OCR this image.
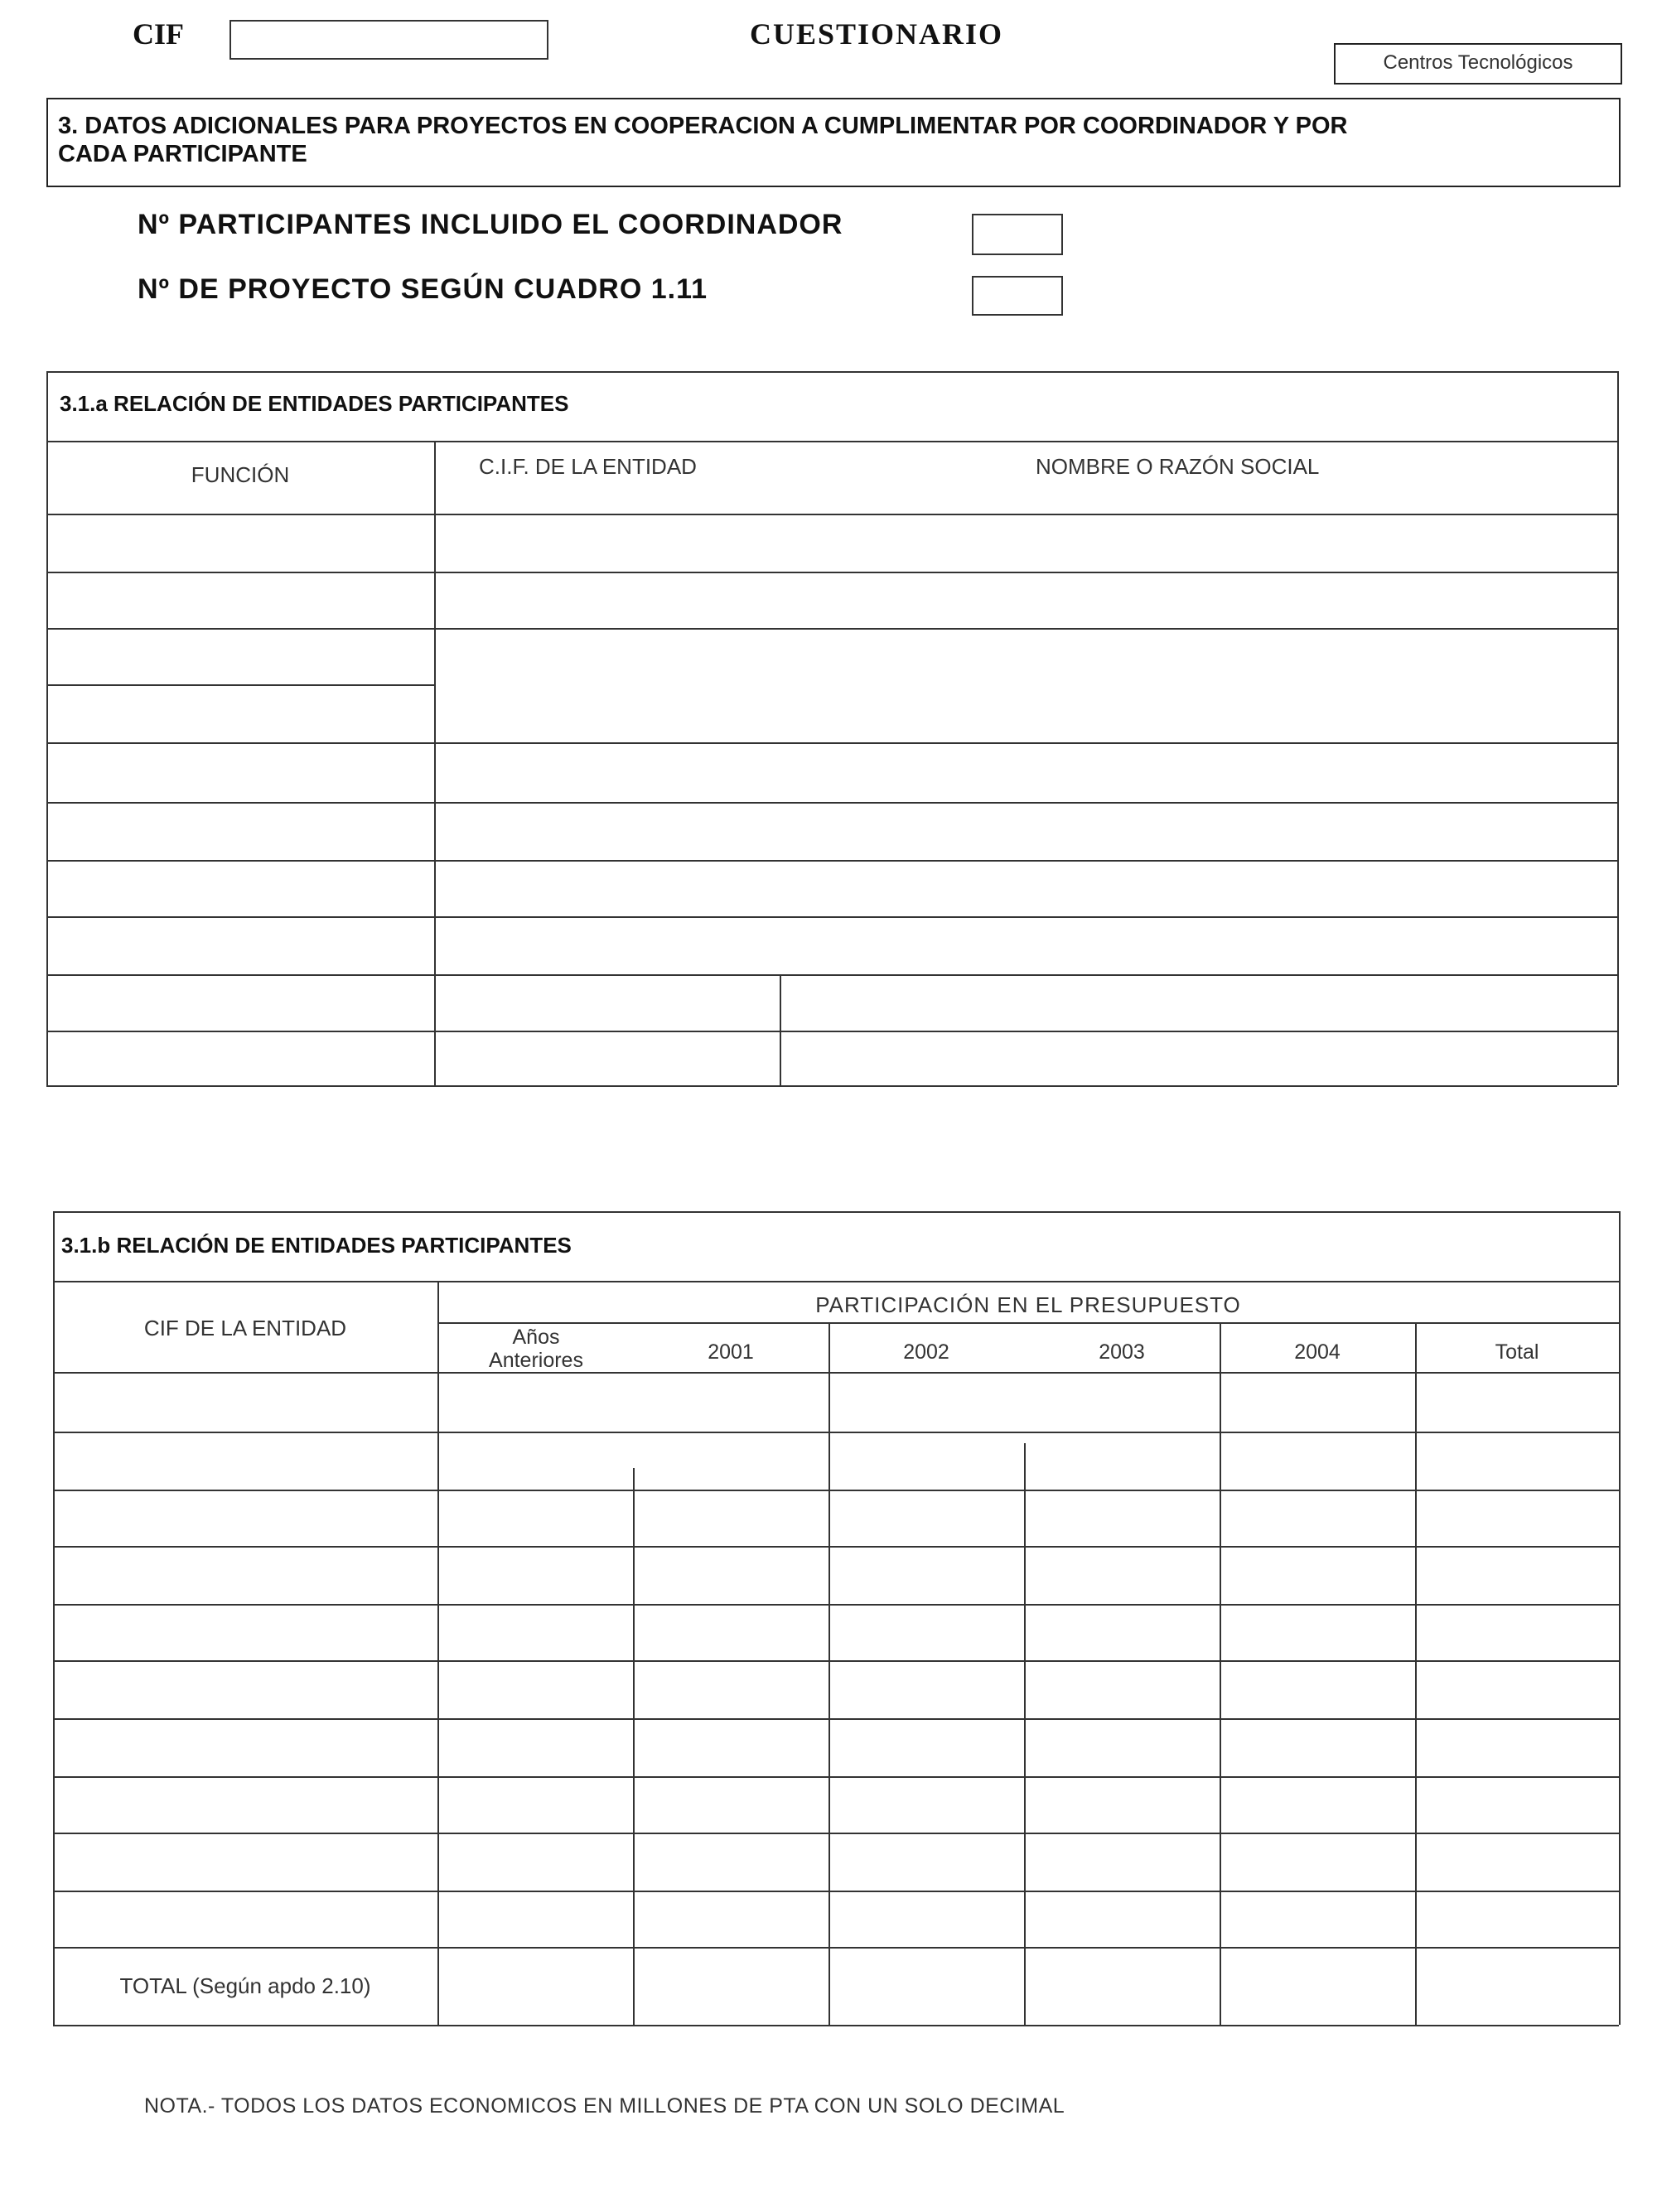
CIF	CUESTIONARIO
Centros Tecnológicos
3. DATOS ADICIONALES PARA PROYECTOS EN COOPERACION A CUMPLIMENTAR POR COORDINADOR Y POR
CADA PARTICIPANTE
Nº PARTICIPANTES INCLUIDO EL COORDINADOR
Nº DE PROYECTO SEGÚN CUADRO 1.11
3.1.a RELACIÓN DE ENTIDADES PARTICIPANTES
FUNCIÓN	C.I.F. DE LA ENTIDAD	NOMBRE O RAZÓN SOCIAL
3.1.b RELACIÓN DE ENTIDADES PARTICIPANTES
CIF DE LA ENTIDAD
PARTICIPACIÓN EN EL PRESUPUESTO
Años
Anteriores	2001	2002	2003	2004	Total
TOTAL (Según apdo 2.10)
NOTA.- TODOS LOS DATOS ECONOMICOS EN MILLONES DE PTA CON UN SOLO DECIMAL
